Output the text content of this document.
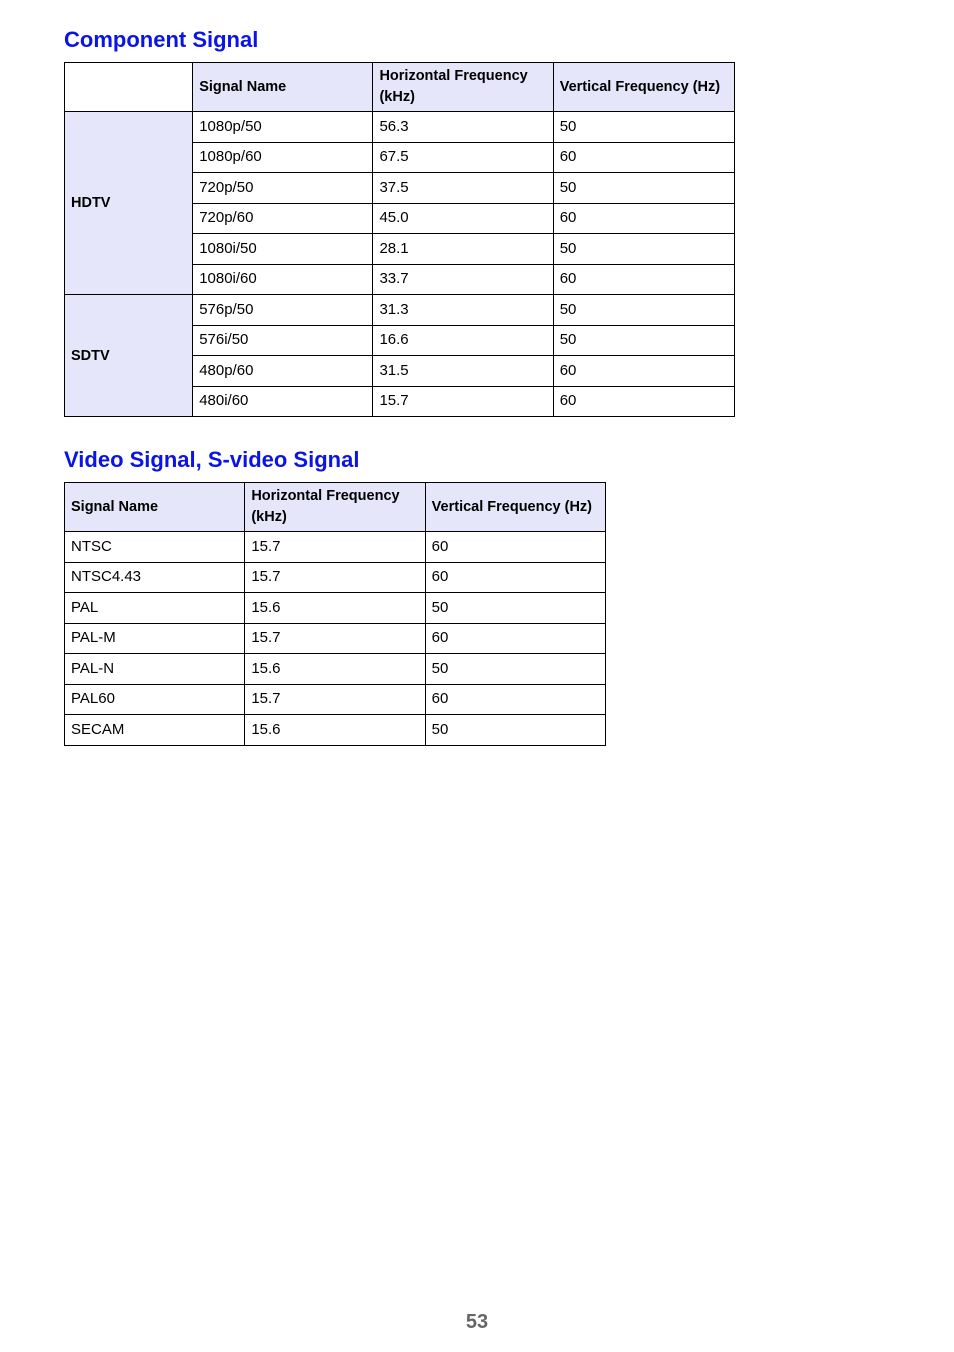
Component Signal
	Signal Name	Horizontal Frequency (kHz)	Vertical Frequency (Hz)
HDTV	1080p/50	56.3	50
	1080p/60	67.5	60
	720p/50	37.5	50
	720p/60	45.0	60
	1080i/50	28.1	50
	1080i/60	33.7	60
SDTV	576p/50	31.3	50
	576i/50	16.6	50
	480p/60	31.5	60
	480i/60	15.7	60
Video Signal, S-video Signal
Signal Name	Horizontal Frequency (kHz)	Vertical Frequency (Hz)
NTSC	15.7	60
NTSC4.43	15.7	60
PAL	15.6	50
PAL-M	15.7	60
PAL-N	15.6	50
PAL60	15.7	60
SECAM	15.6	50
53
